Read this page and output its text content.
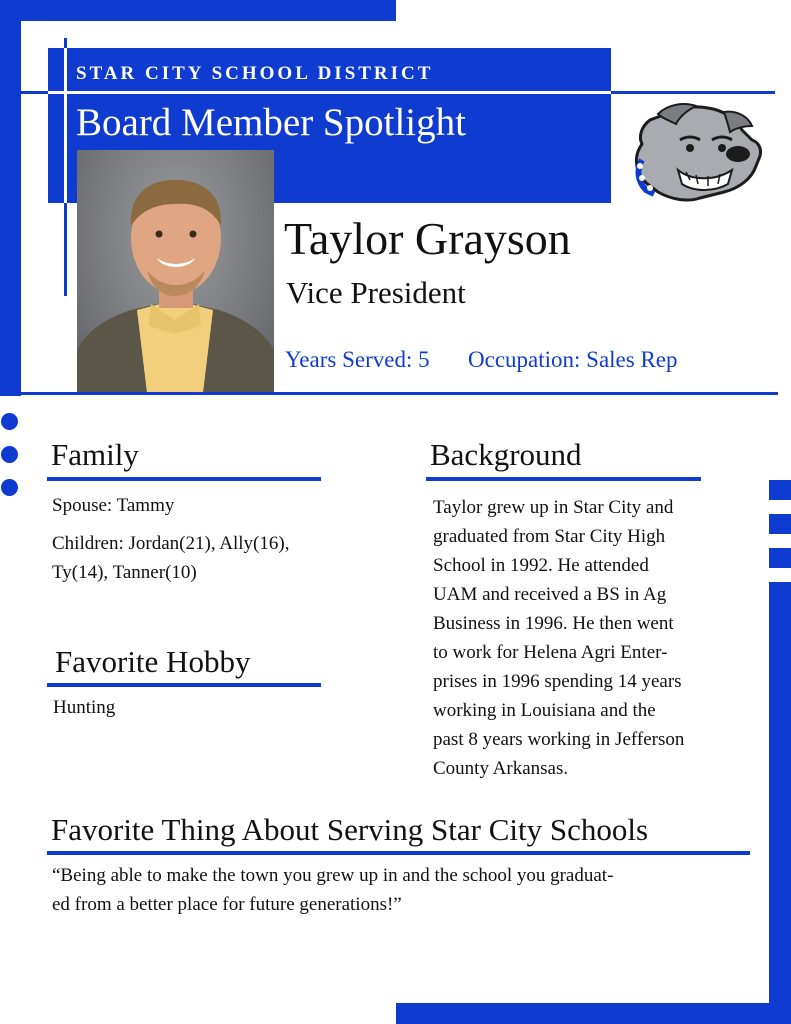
STAR CITY SCHOOL DISTRICT
Board Member Spotlight
Taylor Grayson
Vice President
Years Served: 5 Occupation: Sales Rep
Family
Spouse: Tammy
Children: Jordan(21), Ally(16),
Ty(14), Tanner(10)
Favorite Hobby
Hunting
Background
Taylor grew up in Star City and
graduated from Star City High
School in 1992. He attended
UAM and received a BS in Ag
Business in 1996. He then went
to work for Helena Agri Enter-
prises in 1996 spending 14 years
working in Louisiana and the
past 8 years working in Jefferson
County Arkansas.
Favorite Thing About Serving Star City Schools
“Being able to make the town you grew up in and the school you graduat-
ed from a better place for future generations!”
